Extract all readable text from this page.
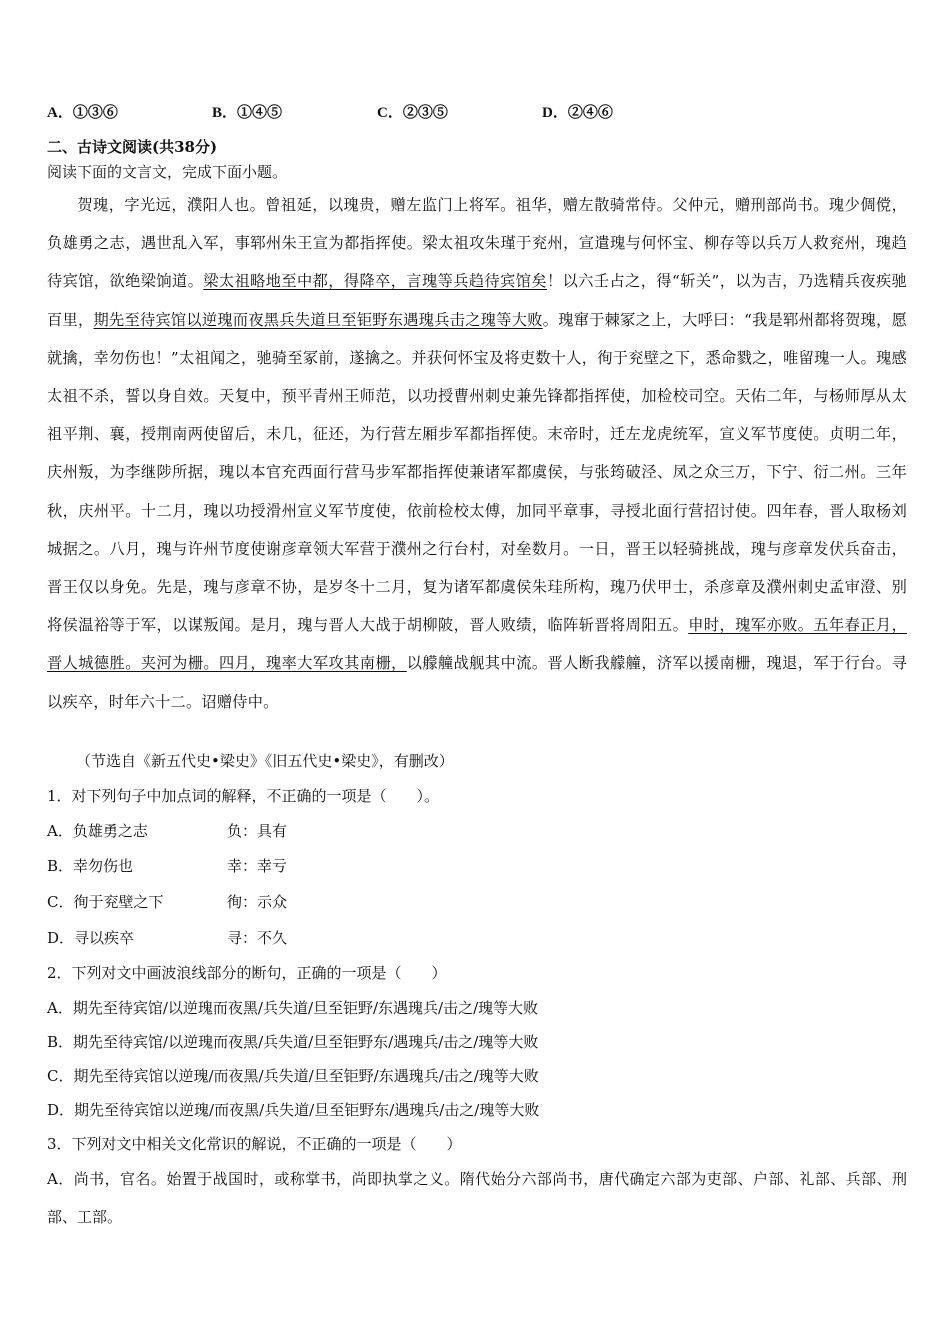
A．①③⑥	B．①④⑤	C．②③⑤	D．②④⑥
二、古诗文阅读(共38分)
阅读下面的文言文，完成下面小题。

贺瑰，字光远，濮阳人也。曾祖延，以瑰贵，赠左监门上将军。祖华，赠左散骑常侍。父仲元，赠刑部尚书。瑰少倜傥，负雄勇之志，遇世乱入军，事郓州朱王宣为都指挥使。梁太祖攻朱瑾于兖州，宣遣瑰与何怀宝、柳存等以兵万人救兖州，瑰趋待宾馆，欲绝梁饷道。梁太祖略地至中都，得降卒，言瑰等兵趋待宾馆矣！以六壬占之，得“斩关”，以为吉，乃选精兵夜疾驰百里，期先至待宾馆以逆瑰而夜黑兵失道旦至钜野东遇瑰兵击之瑰等大败。瑰窜于棘冢之上，大呼曰：“我是郓州都将贺瑰，愿就擒，幸勿伤也！”太祖闻之，驰骑至冢前，遂擒之。并获何怀宝及将吏数十人，徇于兖壁之下，悉命戮之，唯留瑰一人。瑰感太祖不杀，誓以身自效。天复中，预平青州王师范，以功授曹州刺史兼先锋都指挥使，加检校司空。天佑二年，与杨师厚从太祖平荆、襄，授荆南两使留后，未几，征还，为行营左厢步军都指挥使。末帝时，迁左龙虎统军，宣义军节度使。贞明二年，庆州叛，为李继陟所据，瑰以本官充西面行营马步军都指挥使兼诸军都虞侯，与张筠破泾、凤之众三万，下宁、衍二州。三年秋，庆州平。十二月，瑰以功授滑州宣义军节度使，依前检校太傅，加同平章事，寻授北面行营招讨使。四年春，晋人取杨刘城据之。八月，瑰与许州节度使谢彦章领大军营于濮州之行台村，对垒数月。一日，晋王以轻骑挑战，瑰与彦章发伏兵奋击，晋王仅以身免。先是，瑰与彦章不协，是岁冬十二月，复为诸军都虞侯朱珪所构，瑰乃伏甲士，杀彦章及濮州刺史孟审澄、别将侯温裕等于军，以谋叛闻。是月，瑰与晋人大战于胡柳陂，晋人败绩，临阵斩晋将周阳五。申时，瑰军亦败。五年春正月，晋人城德胜。夹河为栅。四月，瑰率大军攻其南栅，以艨艟战舰其中流。晋人断我艨艟，济军以援南栅，瑰退，军于行台。寻以疾卒，时年六十二。诏赠侍中。

（节选自《新五代史•梁史》《旧五代史•梁史》，有删改）
1．对下列句子中加点词的解释，不正确的一项是（　　）。
A．负雄勇之志	负：具有
B．幸勿伤也	幸：幸亏
C．徇于兖壁之下	徇：示众
D．寻以疾卒	寻：不久
2．下列对文中画波浪线部分的断句，正确的一项是（　　）
A．期先至待宾馆/以逆瑰而夜黑/兵失道/旦至钜野/东遇瑰兵/击之/瑰等大败
B．期先至待宾馆/以逆瑰而夜黑/兵失道/旦至钜野东/遇瑰兵/击之/瑰等大败
C．期先至待宾馆以逆瑰/而夜黑/兵失道/旦至钜野/东遇瑰兵/击之/瑰等大败
D．期先至待宾馆以逆瑰/而夜黑/兵失道/旦至钜野东/遇瑰兵/击之/瑰等大败
3．下列对文中相关文化常识的解说，不正确的一项是（　　）

A．尚书，官名。始置于战国时，或称掌书，尚即执掌之义。隋代始分六部尚书，唐代确定六部为吏部、户部、礼部、兵部、刑部、工部。
